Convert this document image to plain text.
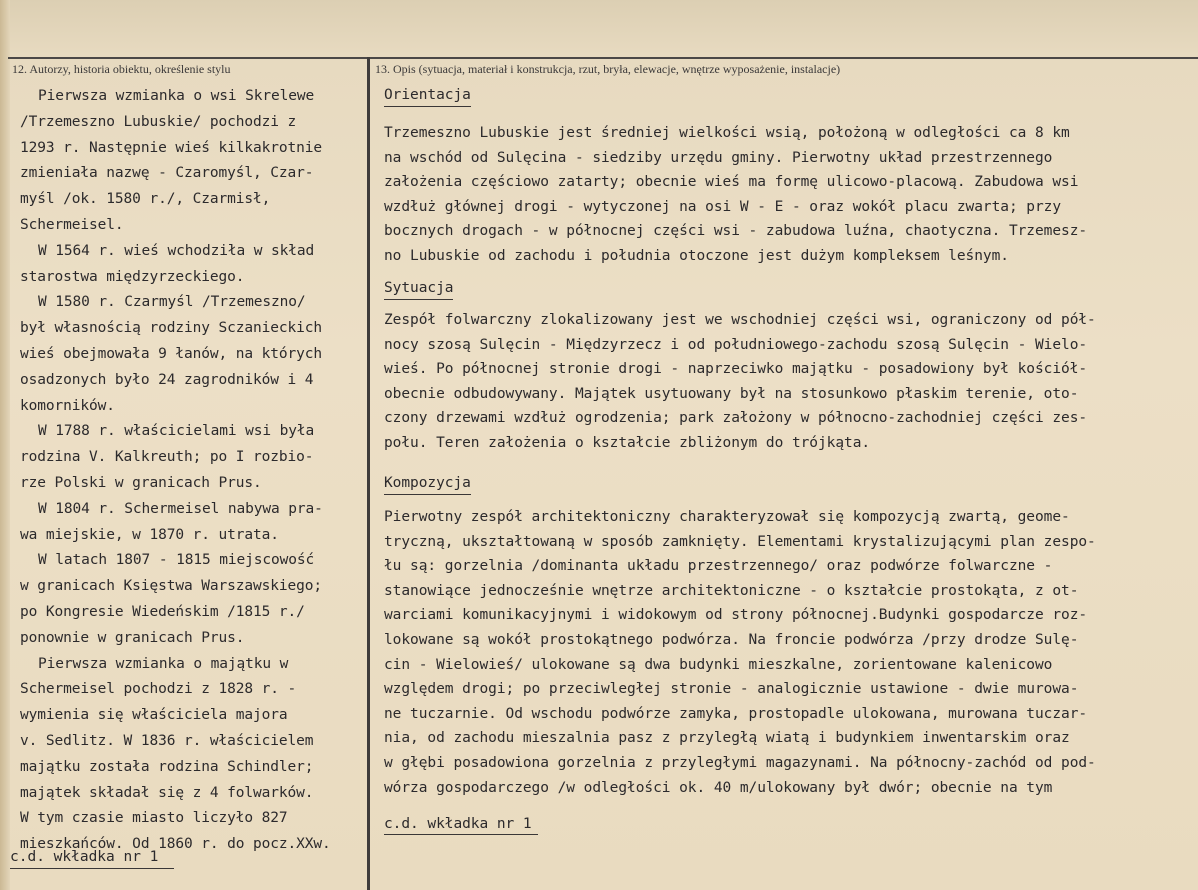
12. Autorzy, historia obiektu, określenie stylu	13. Opis (sytuacja, materiał i konstrukcja, rzut, bryła, elewacje, wnętrze wyposażenie, instalacje)

Pierwsza wzmianka o wsi Skrelewe
/Trzemeszno Lubuskie/ pochodzi z
1293 r. Następnie wieś kilkakrotnie
zmieniała nazwę - Czaromyśl, Czar-
myśl /ok. 1580 r./, Czarmisł,
Schermeisel.
W 1564 r. wieś wchodziła w skład
starostwa międzyrzeckiego.
W 1580 r. Czarmyśl /Trzemeszno/
był własnością rodziny Sczanieckich
wieś obejmowała 9 łanów, na których
osadzonych było 24 zagrodników i 4
komorników.
W 1788 r. właścicielami wsi była
rodzina V. Kalkreuth; po I rozbio-
rze Polski w granicach Prus.
W 1804 r. Schermeisel nabywa pra-
wa miejskie, w 1870 r. utrata.
W latach 1807 - 1815 miejscowość
w granicach Księstwa Warszawskiego;
po Kongresie Wiedeńskim /1815 r./
ponownie w granicach Prus.
Pierwsza wzmianka o majątku w
Schermeisel pochodzi z 1828 r. -
wymienia się właściciela majora
v. Sedlitz. W 1836 r. właścicielem
majątku została rodzina Schindler;
majątek składał się z 4 folwarków.
W tym czasie miasto liczyło 827
mieszkańców. Od 1860 r. do pocz.XXw.
c.d. wkładka nr 1
Orientacja
Trzemeszno Lubuskie jest średniej wielkości wsią, położoną w odległości ca 8 km
na wschód od Sulęcina - siedziby urzędu gminy. Pierwotny układ przestrzennego
założenia częściowo zatarty; obecnie wieś ma formę ulicowo-placową. Zabudowa wsi
wzdłuż głównej drogi - wytyczonej na osi W - E - oraz wokół placu zwarta; przy
bocznych drogach - w północnej części wsi - zabudowa luźna, chaotyczna. Trzemesz-
no Lubuskie od zachodu i południa otoczone jest dużym kompleksem leśnym.
Sytuacja
Zespół folwarczny zlokalizowany jest we wschodniej części wsi, ograniczony od pół-
nocy szosą Sulęcin - Międzyrzecz i od południowego-zachodu szosą Sulęcin - Wielo-
wieś. Po północnej stronie drogi - naprzeciwko majątku - posadowiony był kościół-
obecnie odbudowywany. Majątek usytuowany był na stosunkowo płaskim terenie, oto-
czony drzewami wzdłuż ogrodzenia; park założony w północno-zachodniej części zes-
połu. Teren założenia o kształcie zbliżonym do trójkąta.
Kompozycja
Pierwotny zespół architektoniczny charakteryzował się kompozycją zwartą, geome-
tryczną, ukształtowaną w sposób zamknięty. Elementami krystalizującymi plan zespo-
łu są: gorzelnia /dominanta układu przestrzennego/ oraz podwórze folwarczne -
stanowiące jednocześnie wnętrze architektoniczne - o kształcie prostokąta, z ot-
warciami komunikacyjnymi i widokowym od strony północnej.Budynki gospodarcze roz-
lokowane są wokół prostokątnego podwórza. Na froncie podwórza /przy drodze Sulę-
cin - Wielowieś/ ulokowane są dwa budynki mieszkalne, zorientowane kalenicowo
względem drogi; po przeciwległej stronie - analogicznie ustawione - dwie murowa-
ne tuczarnie. Od wschodu podwórze zamyka, prostopadle ulokowana, murowana tuczar-
nia, od zachodu mieszalnia pasz z przyległą wiatą i budynkiem inwentarskim oraz
w głębi posadowiona gorzelnia z przyległymi magazynami. Na północny-zachód od pod-
wórza gospodarczego /w odległości ok. 40 m/ulokowany był dwór; obecnie na tym
c.d. wkładka nr 1
